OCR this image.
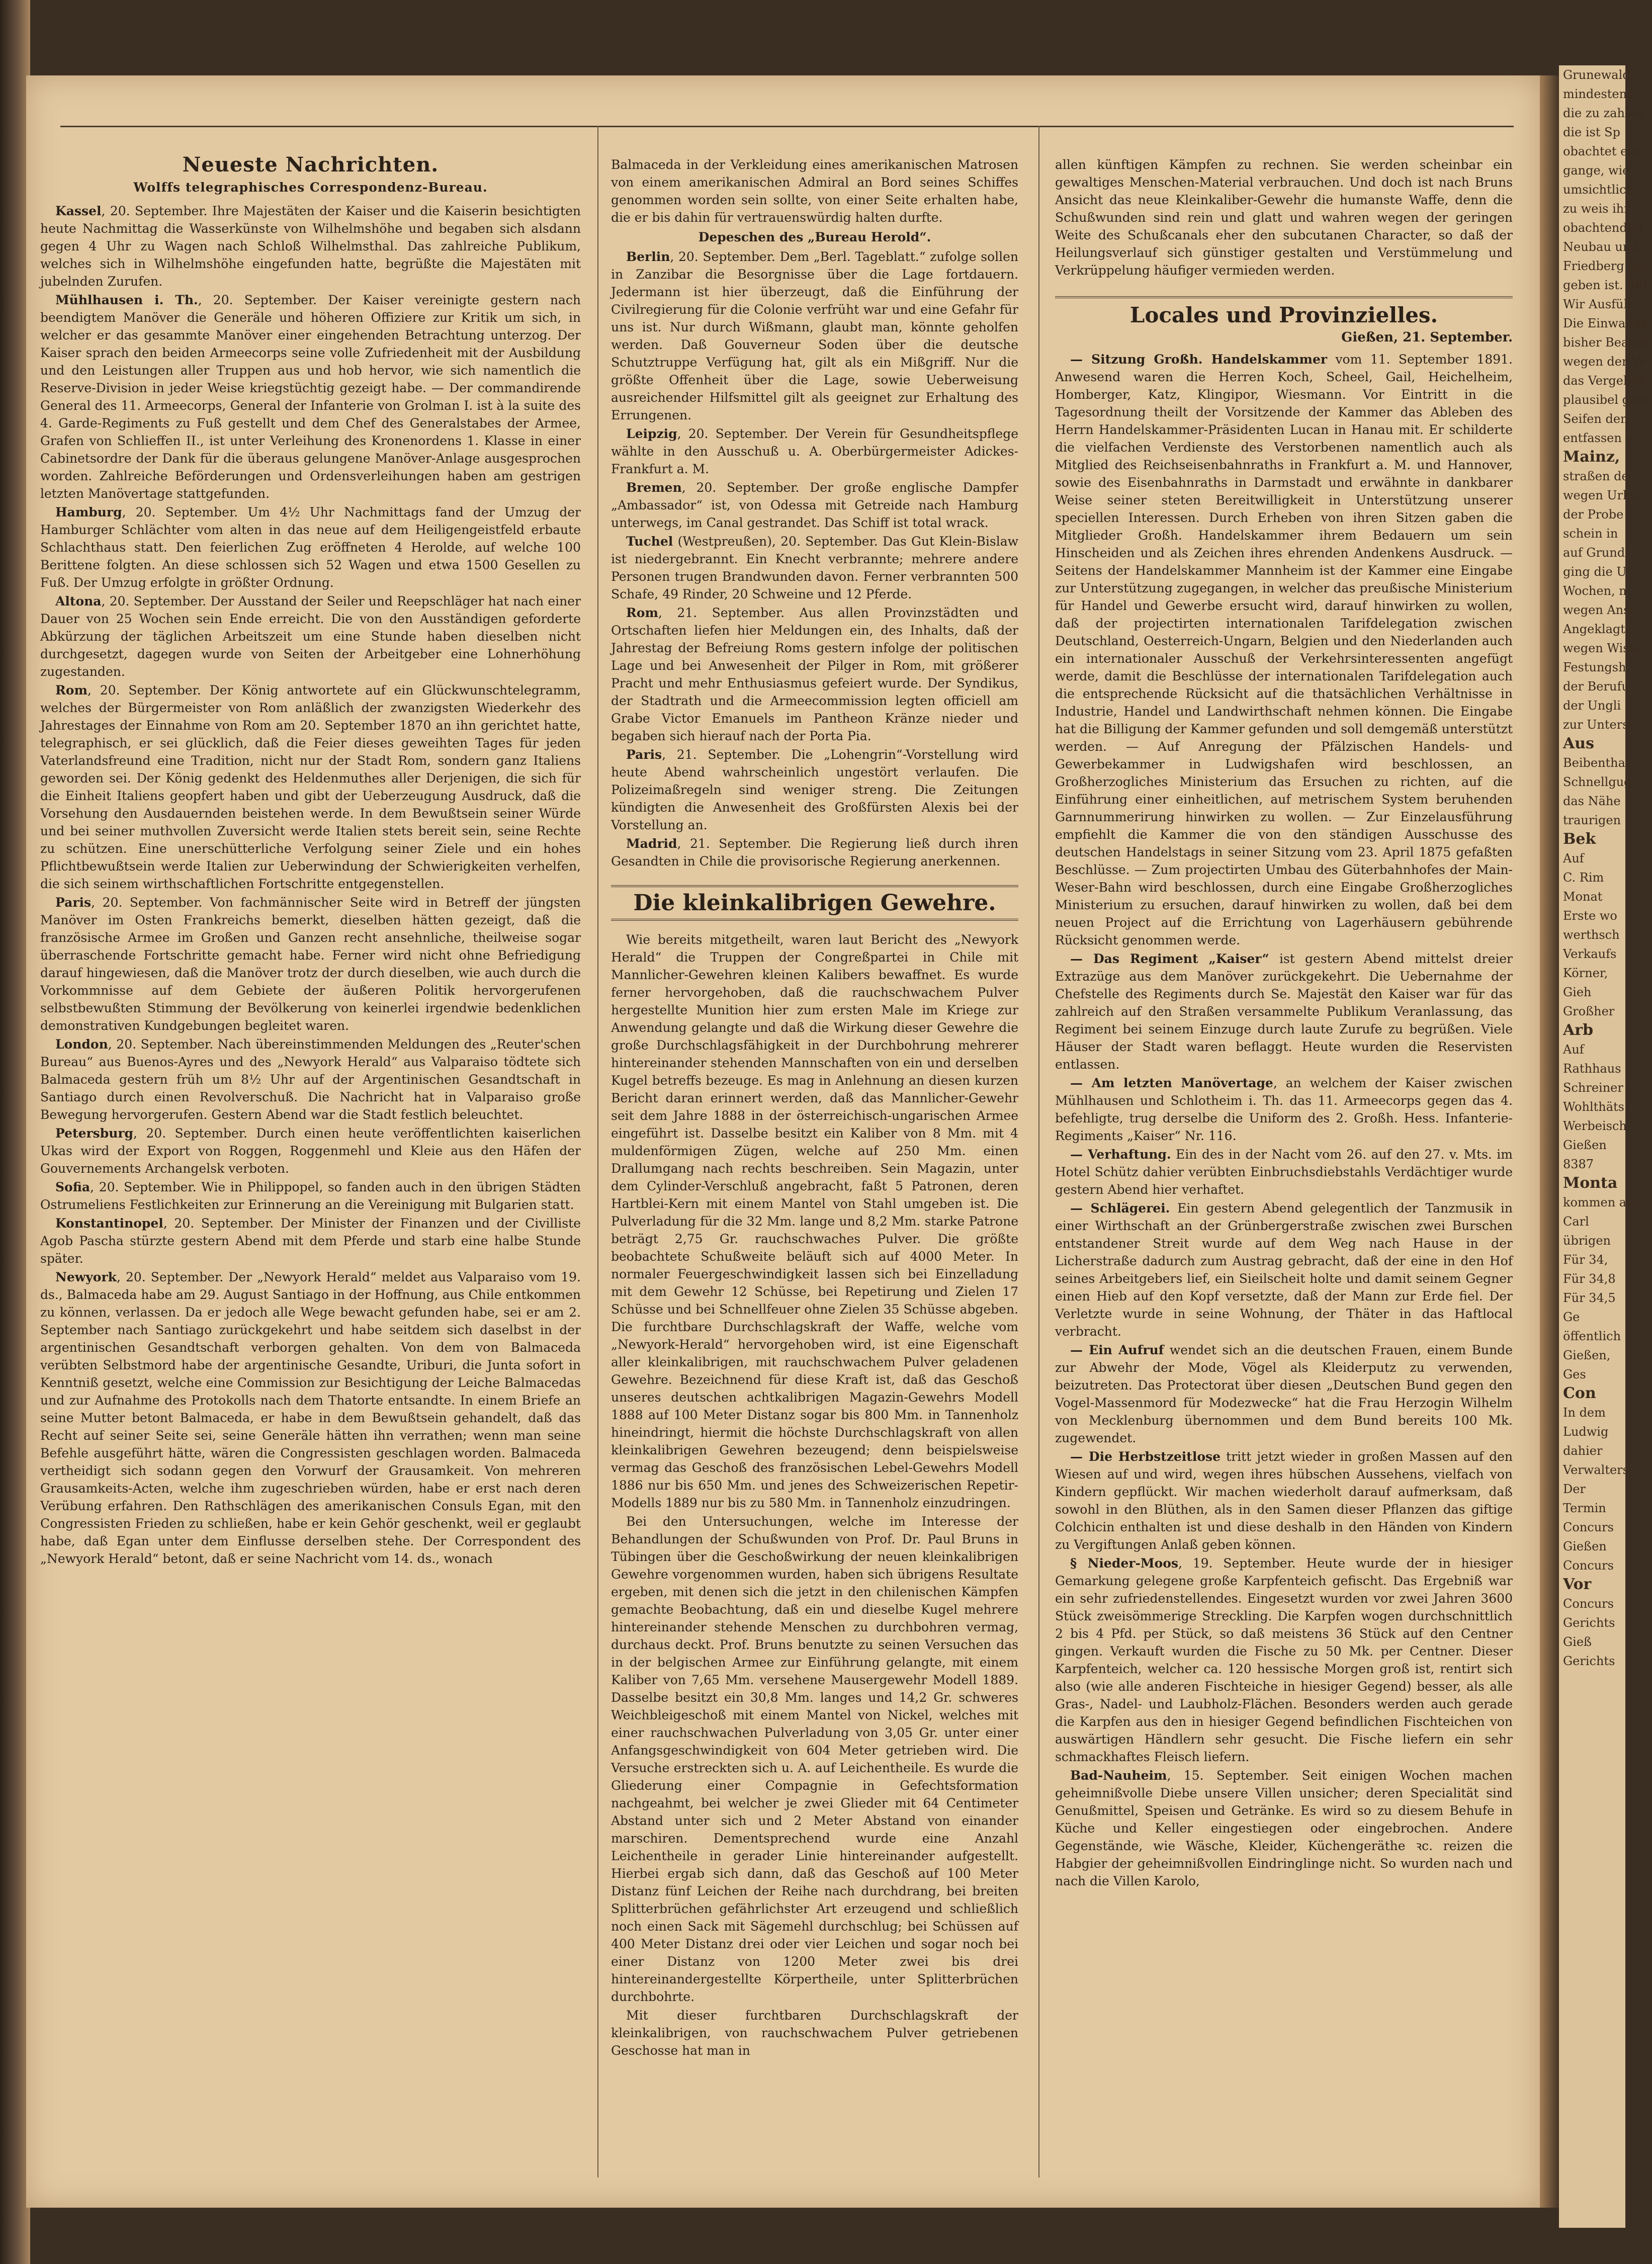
Neueste Nachrichten.
Wolffs telegraphisches Correspondenz-Bureau.

Kassel, 20. September. Ihre Majestäten der Kaiser und die Kaiserin besichtigten heute Nachmittag die Wasserkünste von Wilhelmshöhe und begaben sich alsdann gegen 4 Uhr zu Wagen nach Schloß Wilhelmsthal. Das zahlreiche Publikum, welches sich in Wilhelmshöhe eingefunden hatte, begrüßte die Majestäten mit jubelnden Zurufen.

Mühlhausen i. Th., 20. September. Der Kaiser vereinigte gestern nach beendigtem Manöver die Generäle und höheren Offiziere zur Kritik um sich, in welcher er das gesammte Manöver einer eingehenden Betrachtung unterzog. Der Kaiser sprach den beiden Armeecorps seine volle Zufriedenheit mit der Ausbildung und den Leistungen aller Truppen aus und hob hervor, wie sich namentlich die Reserve-Division in jeder Weise kriegstüchtig gezeigt habe. — Der commandirende General des 11. Armeecorps, General der Infanterie von Grolman I. ist à la suite des 4. Garde-Regiments zu Fuß gestellt und dem Chef des Generalstabes der Armee, Grafen von Schlieffen II., ist unter Verleihung des Kronenordens 1. Klasse in einer Cabinetsordre der Dank für die überaus gelungene Manöver-Anlage ausgesprochen worden. Zahlreiche Beförderungen und Ordensverleihungen haben am gestrigen letzten Manövertage stattgefunden.

Hamburg, 20. September. Um 4½ Uhr Nachmittags fand der Umzug der Hamburger Schlächter vom alten in das neue auf dem Heiligengeistfeld erbaute Schlachthaus statt. Den feierlichen Zug eröffneten 4 Herolde, auf welche 100 Berittene folgten. An diese schlossen sich 52 Wagen und etwa 1500 Gesellen zu Fuß. Der Umzug erfolgte in größter Ordnung.

Altona, 20. September. Der Ausstand der Seiler und Reepschläger hat nach einer Dauer von 25 Wochen sein Ende erreicht. Die von den Ausständigen geforderte Abkürzung der täglichen Arbeitszeit um eine Stunde haben dieselben nicht durchgesetzt, dagegen wurde von Seiten der Arbeitgeber eine Lohnerhöhung zugestanden.

Rom, 20. September. Der König antwortete auf ein Glückwunschtelegramm, welches der Bürgermeister von Rom anläßlich der zwanzigsten Wiederkehr des Jahrestages der Einnahme von Rom am 20. September 1870 an ihn gerichtet hatte, telegraphisch, er sei glücklich, daß die Feier dieses geweihten Tages für jeden Vaterlandsfreund eine Tradition, nicht nur der Stadt Rom, sondern ganz Italiens geworden sei. Der König gedenkt des Heldenmuthes aller Derjenigen, die sich für die Einheit Italiens geopfert haben und gibt der Ueberzeugung Ausdruck, daß die Vorsehung den Ausdauernden beistehen werde. In dem Bewußtsein seiner Würde und bei seiner muthvollen Zuversicht werde Italien stets bereit sein, seine Rechte zu schützen. Eine unerschütterliche Verfolgung seiner Ziele und ein hohes Pflichtbewußtsein werde Italien zur Ueberwindung der Schwierigkeiten verhelfen, die sich seinem wirthschaftlichen Fortschritte entgegenstellen.

Paris, 20. September. Von fachmännischer Seite wird in Betreff der jüngsten Manöver im Osten Frankreichs bemerkt, dieselben hätten gezeigt, daß die französische Armee im Großen und Ganzen recht ansehnliche, theilweise sogar überraschende Fortschritte gemacht habe. Ferner wird nicht ohne Befriedigung darauf hingewiesen, daß die Manöver trotz der durch dieselben, wie auch durch die Vorkommnisse auf dem Gebiete der äußeren Politik hervorgerufenen selbstbewußten Stimmung der Bevölkerung von keinerlei irgendwie bedenklichen demonstrativen Kundgebungen begleitet waren.

London, 20. September. Nach übereinstimmenden Meldungen des „Reuter'schen Bureau“ aus Buenos-Ayres und des „Newyork Herald“ aus Valparaiso tödtete sich Balmaceda gestern früh um 8½ Uhr auf der Argentinischen Gesandtschaft in Santiago durch einen Revolverschuß. Die Nachricht hat in Valparaiso große Bewegung hervorgerufen. Gestern Abend war die Stadt festlich beleuchtet.

Petersburg, 20. September. Durch einen heute veröffentlichten kaiserlichen Ukas wird der Export von Roggen, Roggenmehl und Kleie aus den Häfen der Gouvernements Archangelsk verboten.

Sofia, 20. September. Wie in Philippopel, so fanden auch in den übrigen Städten Ostrumeliens Festlichkeiten zur Erinnerung an die Vereinigung mit Bulgarien statt.

Konstantinopel, 20. September. Der Minister der Finanzen und der Civilliste Agob Pascha stürzte gestern Abend mit dem Pferde und starb eine halbe Stunde später.

Newyork, 20. September. Der „Newyork Herald“ meldet aus Valparaiso vom 19. ds., Balmaceda habe am 29. August Santiago in der Hoffnung, aus Chile entkommen zu können, verlassen. Da er jedoch alle Wege bewacht gefunden habe, sei er am 2. September nach Santiago zurückgekehrt und habe seitdem sich daselbst in der argentinischen Gesandtschaft verborgen gehalten. Von dem von Balmaceda verübten Selbstmord habe der argentinische Gesandte, Uriburi, die Junta sofort in Kenntniß gesetzt, welche eine Commission zur Besichtigung der Leiche Balmacedas und zur Aufnahme des Protokolls nach dem Thatorte entsandte. In einem Briefe an seine Mutter betont Balmaceda, er habe in dem Bewußtsein gehandelt, daß das Recht auf seiner Seite sei, seine Generäle hätten ihn verrathen; wenn man seine Befehle ausgeführt hätte, wären die Congressisten geschlagen worden. Balmaceda vertheidigt sich sodann gegen den Vorwurf der Grausamkeit. Von mehreren Grausamkeits-Acten, welche ihm zugeschrieben würden, habe er erst nach deren Verübung erfahren. Den Rathschlägen des amerikanischen Consuls Egan, mit den Congressisten Frieden zu schließen, habe er kein Gehör geschenkt, weil er geglaubt habe, daß Egan unter dem Einflusse derselben stehe. Der Correspondent des „Newyork Herald“ betont, daß er seine Nachricht vom 14. ds., wonach

Balmaceda in der Verkleidung eines amerikanischen Matrosen von einem amerikanischen Admiral an Bord seines Schiffes genommen worden sein sollte, von einer Seite erhalten habe, die er bis dahin für vertrauenswürdig halten durfte.

Depeschen des „Bureau Herold“.

Berlin, 20. September. Dem „Berl. Tageblatt.“ zufolge sollen in Zanzibar die Besorgnisse über die Lage fortdauern. Jedermann ist hier überzeugt, daß die Einführung der Civilregierung für die Colonie verfrüht war und eine Gefahr für uns ist. Nur durch Wißmann, glaubt man, könnte geholfen werden. Daß Gouverneur Soden über die deutsche Schutztruppe Verfügung hat, gilt als ein Mißgriff. Nur die größte Offenheit über die Lage, sowie Ueberweisung ausreichender Hilfsmittel gilt als geeignet zur Erhaltung des Errungenen.

Leipzig, 20. September. Der Verein für Gesundheitspflege wählte in den Ausschuß u. A. Oberbürgermeister Adickes-Frankfurt a. M.

Bremen, 20. September. Der große englische Dampfer „Ambassador“ ist, von Odessa mit Getreide nach Hamburg unterwegs, im Canal gestrandet. Das Schiff ist total wrack.

Tuchel (Westpreußen), 20. September. Das Gut Klein-Bislaw ist niedergebrannt. Ein Knecht verbrannte; mehrere andere Personen trugen Brandwunden davon. Ferner verbrannten 500 Schafe, 49 Rinder, 20 Schweine und 12 Pferde.

Rom, 21. September. Aus allen Provinzstädten und Ortschaften liefen hier Meldungen ein, des Inhalts, daß der Jahrestag der Befreiung Roms gestern infolge der politischen Lage und bei Anwesenheit der Pilger in Rom, mit größerer Pracht und mehr Enthusiasmus gefeiert wurde. Der Syndikus, der Stadtrath und die Armeecommission legten officiell am Grabe Victor Emanuels im Pantheon Kränze nieder und begaben sich hierauf nach der Porta Pia.

Paris, 21. September. Die „Lohengrin“-Vorstellung wird heute Abend wahrscheinlich ungestört verlaufen. Die Polizeimaßregeln sind weniger streng. Die Zeitungen kündigten die Anwesenheit des Großfürsten Alexis bei der Vorstellung an.

Madrid, 21. September. Die Regierung ließ durch ihren Gesandten in Chile die provisorische Regierung anerkennen.

Die kleinkalibrigen Gewehre.

Wie bereits mitgetheilt, waren laut Bericht des „Newyork Herald“ die Truppen der Congreßpartei in Chile mit Mannlicher-Gewehren kleinen Kalibers bewaffnet. Es wurde ferner hervorgehoben, daß die rauchschwachem Pulver hergestellte Munition hier zum ersten Male im Kriege zur Anwendung gelangte und daß die Wirkung dieser Gewehre die große Durchschlagsfähigkeit in der Durchbohrung mehrerer hintereinander stehenden Mannschaften von ein und derselben Kugel betreffs bezeuge. Es mag in Anlehnung an diesen kurzen Bericht daran erinnert werden, daß das Mannlicher-Gewehr seit dem Jahre 1888 in der österreichisch-ungarischen Armee eingeführt ist. Dasselbe besitzt ein Kaliber von 8 Mm. mit 4 muldenförmigen Zügen, welche auf 250 Mm. einen Drallumgang nach rechts beschreiben. Sein Magazin, unter dem Cylinder-Verschluß angebracht, faßt 5 Patronen, deren Hartblei-Kern mit einem Mantel von Stahl umgeben ist. Die Pulverladung für die 32 Mm. lange und 8,2 Mm. starke Patrone beträgt 2,75 Gr. rauchschwaches Pulver. Die größte beobachtete Schußweite beläuft sich auf 4000 Meter. In normaler Feuergeschwindigkeit lassen sich bei Einzelladung mit dem Gewehr 12 Schüsse, bei Repetirung und Zielen 17 Schüsse und bei Schnellfeuer ohne Zielen 35 Schüsse abgeben. Die furchtbare Durchschlagskraft der Waffe, welche vom „Newyork-Herald“ hervorgehoben wird, ist eine Eigenschaft aller kleinkalibrigen, mit rauchschwachem Pulver geladenen Gewehre. Bezeichnend für diese Kraft ist, daß das Geschoß unseres deutschen achtkalibrigen Magazin-Gewehrs Modell 1888 auf 100 Meter Distanz sogar bis 800 Mm. in Tannenholz hineindringt, hiermit die höchste Durchschlagskraft von allen kleinkalibrigen Gewehren bezeugend; denn beispielsweise vermag das Geschoß des französischen Lebel-Gewehrs Modell 1886 nur bis 650 Mm. und jenes des Schweizerischen Repetir-Modells 1889 nur bis zu 580 Mm. in Tannenholz einzudringen.

Bei den Untersuchungen, welche im Interesse der Behandlungen der Schußwunden von Prof. Dr. Paul Bruns in Tübingen über die Geschoßwirkung der neuen kleinkalibrigen Gewehre vorgenommen wurden, haben sich übrigens Resultate ergeben, mit denen sich die jetzt in den chilenischen Kämpfen gemachte Beobachtung, daß ein und dieselbe Kugel mehrere hintereinander stehende Menschen zu durchbohren vermag, durchaus deckt. Prof. Bruns benutzte zu seinen Versuchen das in der belgischen Armee zur Einführung gelangte, mit einem Kaliber von 7,65 Mm. versehene Mausergewehr Modell 1889. Dasselbe besitzt ein 30,8 Mm. langes und 14,2 Gr. schweres Weichbleigeschoß mit einem Mantel von Nickel, welches mit einer rauchschwachen Pulverladung von 3,05 Gr. unter einer Anfangsgeschwindigkeit von 604 Meter getrieben wird. Die Versuche erstreckten sich u. A. auf Leichentheile. Es wurde die Gliederung einer Compagnie in Gefechtsformation nachgeahmt, bei welcher je zwei Glieder mit 64 Centimeter Abstand unter sich und 2 Meter Abstand von einander marschiren. Dementsprechend wurde eine Anzahl Leichentheile in gerader Linie hintereinander aufgestellt. Hierbei ergab sich dann, daß das Geschoß auf 100 Meter Distanz fünf Leichen der Reihe nach durchdrang, bei breiten Splitterbrüchen gefährlichster Art erzeugend und schließlich noch einen Sack mit Sägemehl durchschlug; bei Schüssen auf 400 Meter Distanz drei oder vier Leichen und sogar noch bei einer Distanz von 1200 Meter zwei bis drei hintereinandergestellte Körpertheile, unter Splitterbrüchen durchbohrte.

Mit dieser furchtbaren Durchschlagskraft der kleinkalibrigen, von rauchschwachem Pulver getriebenen Geschosse hat man in

allen künftigen Kämpfen zu rechnen. Sie werden scheinbar ein gewaltiges Menschen-Material verbrauchen. Und doch ist nach Bruns Ansicht das neue Kleinkaliber-Gewehr die humanste Waffe, denn die Schußwunden sind rein und glatt und wahren wegen der geringen Weite des Schußcanals eher den subcutanen Character, so daß der Heilungsverlauf sich günstiger gestalten und Verstümmelung und Verkrüppelung häufiger vermieden werden.

Locales und Provinzielles.
Gießen, 21. September.

— Sitzung Großh. Handelskammer vom 11. September 1891. Anwesend waren die Herren Koch, Scheel, Gail, Heichelheim, Homberger, Katz, Klingipor, Wiesmann. Vor Eintritt in die Tagesordnung theilt der Vorsitzende der Kammer das Ableben des Herrn Handelskammer-Präsidenten Lucan in Hanau mit. Er schilderte die vielfachen Verdienste des Verstorbenen namentlich auch als Mitglied des Reichseisenbahnraths in Frankfurt a. M. und Hannover, sowie des Eisenbahnraths in Darmstadt und erwähnte in dankbarer Weise seiner steten Bereitwilligkeit in Unterstützung unserer speciellen Interessen. Durch Erheben von ihren Sitzen gaben die Mitglieder Großh. Handelskammer ihrem Bedauern um sein Hinscheiden und als Zeichen ihres ehrenden Andenkens Ausdruck. — Seitens der Handelskammer Mannheim ist der Kammer eine Eingabe zur Unterstützung zugegangen, in welcher das preußische Ministerium für Handel und Gewerbe ersucht wird, darauf hinwirken zu wollen, daß der projectirten internationalen Tarifdelegation zwischen Deutschland, Oesterreich-Ungarn, Belgien und den Niederlanden auch ein internationaler Ausschuß der Verkehrsinteressenten angefügt werde, damit die Beschlüsse der internationalen Tarifdelegation auch die entsprechende Rücksicht auf die thatsächlichen Verhältnisse in Industrie, Handel und Landwirthschaft nehmen können. Die Eingabe hat die Billigung der Kammer gefunden und soll demgemäß unterstützt werden. — Auf Anregung der Pfälzischen Handels- und Gewerbekammer in Ludwigshafen wird beschlossen, an Großherzogliches Ministerium das Ersuchen zu richten, auf die Einführung einer einheitlichen, auf metrischem System beruhenden Garnnummerirung hinwirken zu wollen. — Zur Einzelausführung empfiehlt die Kammer die von den ständigen Ausschusse des deutschen Handelstags in seiner Sitzung vom 23. April 1875 gefaßten Beschlüsse. — Zum projectirten Umbau des Güterbahnhofes der Main-Weser-Bahn wird beschlossen, durch eine Eingabe Großherzogliches Ministerium zu ersuchen, darauf hinwirken zu wollen, daß bei dem neuen Project auf die Errichtung von Lagerhäusern gebührende Rücksicht genommen werde.

— Das Regiment „Kaiser“ ist gestern Abend mittelst dreier Extrazüge aus dem Manöver zurückgekehrt. Die Uebernahme der Chefstelle des Regiments durch Se. Majestät den Kaiser war für das zahlreich auf den Straßen versammelte Publikum Veranlassung, das Regiment bei seinem Einzuge durch laute Zurufe zu begrüßen. Viele Häuser der Stadt waren beflaggt. Heute wurden die Reservisten entlassen.

— Am letzten Manövertage, an welchem der Kaiser zwischen Mühlhausen und Schlotheim i. Th. das 11. Armeecorps gegen das 4. befehligte, trug derselbe die Uniform des 2. Großh. Hess. Infanterie-Regiments „Kaiser“ Nr. 116.

— Verhaftung. Ein des in der Nacht vom 26. auf den 27. v. Mts. im Hotel Schütz dahier verübten Einbruchsdiebstahls Verdächtiger wurde gestern Abend hier verhaftet.

— Schlägerei. Ein gestern Abend gelegentlich der Tanzmusik in einer Wirthschaft an der Grünbergerstraße zwischen zwei Burschen entstandener Streit wurde auf dem Weg nach Hause in der Licherstraße dadurch zum Austrag gebracht, daß der eine in den Hof seines Arbeitgebers lief, ein Sieilscheit holte und damit seinem Gegner einen Hieb auf den Kopf versetzte, daß der Mann zur Erde fiel. Der Verletzte wurde in seine Wohnung, der Thäter in das Haftlocal verbracht.

— Ein Aufruf wendet sich an die deutschen Frauen, einem Bunde zur Abwehr der Mode, Vögel als Kleiderputz zu verwenden, beizutreten. Das Protectorat über diesen „Deutschen Bund gegen den Vogel-Massenmord für Modezwecke“ hat die Frau Herzogin Wilhelm von Mecklenburg übernommen und dem Bund bereits 100 Mk. zugewendet.

— Die Herbstzeitlose tritt jetzt wieder in großen Massen auf den Wiesen auf und wird, wegen ihres hübschen Aussehens, vielfach von Kindern gepflückt. Wir machen wiederholt darauf aufmerksam, daß sowohl in den Blüthen, als in den Samen dieser Pflanzen das giftige Colchicin enthalten ist und diese deshalb in den Händen von Kindern zu Vergiftungen Anlaß geben können.

§ Nieder-Moos, 19. September. Heute wurde der in hiesiger Gemarkung gelegene große Karpfenteich gefischt. Das Ergebniß war ein sehr zufriedenstellendes. Eingesetzt wurden vor zwei Jahren 3600 Stück zweisömmerige Streckling. Die Karpfen wogen durchschnittlich 2 bis 4 Pfd. per Stück, so daß meistens 36 Stück auf den Centner gingen. Verkauft wurden die Fische zu 50 Mk. per Centner. Dieser Karpfenteich, welcher ca. 120 hessische Morgen groß ist, rentirt sich also (wie alle anderen Fischteiche in hiesiger Gegend) besser, als alle Gras-, Nadel- und Laubholz-Flächen. Besonders werden auch gerade die Karpfen aus den in hiesiger Gegend befindlichen Fischteichen von auswärtigen Händlern sehr gesucht. Die Fische liefern ein sehr schmackhaftes Fleisch liefern.

Bad-Nauheim, 15. September. Seit einigen Wochen machen geheimnißvolle Diebe unsere Villen unsicher; deren Specialität sind Genußmittel, Speisen und Getränke. Es wird so zu diesem Behufe in Küche und Keller eingestiegen oder eingebrochen. Andere Gegenstände, wie Wäsche, Kleider, Küchengeräthe ꝛc. reizen die Habgier der geheimnißvollen Eindringlinge nicht. So wurden nach und nach die Villen Karolo,

Grunewald,
mindestens d
die zu zahlen
die ist Sp
obachtet ein
gange, wie
umsichtlich
zu weis ihr
obachtenden
Neubau und
Friedberg gel
geben ist. Auf
Wir Ausfüh
Die Einwands
bisher Beamte
wegen der Ve
das Vergeben
plausibel gele
Seifen den
entfassen w
Mainz,
straßen de
wegen Urku
der Probe
schein in
auf Grund
ging die U
Wochen, n
wegen Ansi
Angeklagt
wegen Wisse
Festungsh
der Berufu
der Ungli
zur Untersu
Aus
Beibenthal
Schnellgug
das Nähe
traurigen
Bek
Auf
C. Rim
Monat
Erste wo
werthsch
Verkaufs
Körner,
Gieh
Großher
Arb
Auf
Rathhaus
Schreiner
Wohlthäts
Werbeisch
Gießen
8387
Monta
kommen auf
Carl
übrigen
Für 34,
Für 34,8
Für 34,5
Ge
öffentlich
Gießen,
Ges
Con
In dem
Ludwig
dahier
Verwalters
Der
Termin
Concurs
Gießen
Concurs
Vor
Concurs
Gerichts
Gieß
Gerichts
